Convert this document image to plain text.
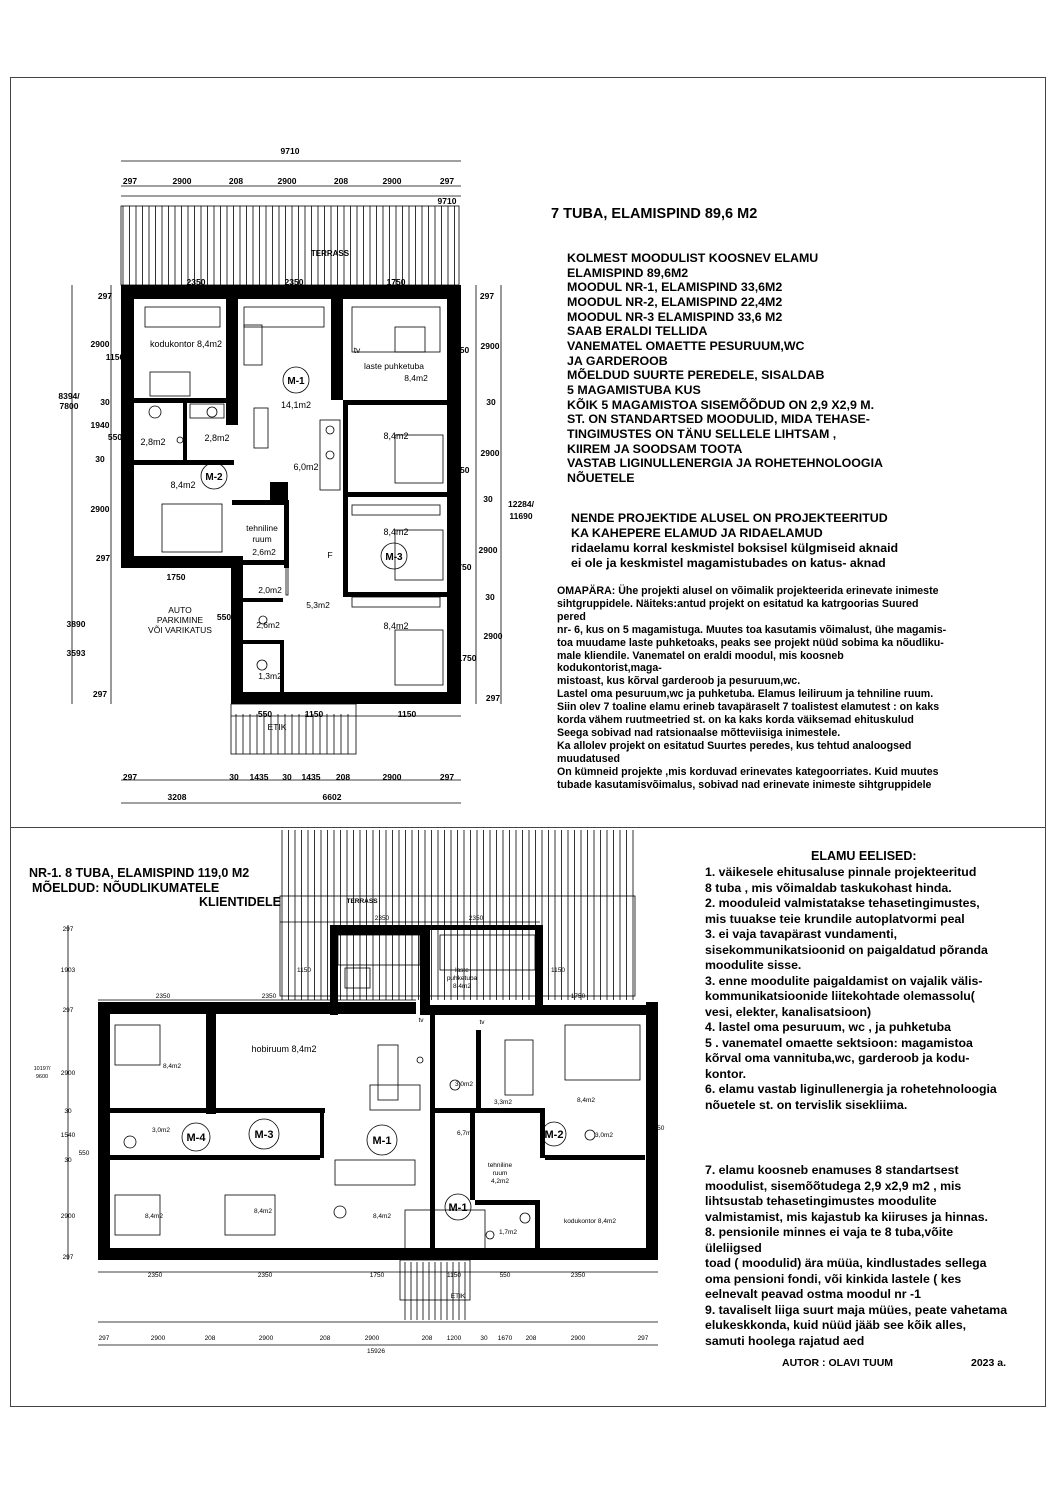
9710
9710
297	2900	208	2900	208	2900	297
2350	2350	1750
297
2900
1150
30
1940
550
30
2900
297
1750
3890
550
3593
297
8394/
7800
297
2900
1150
30
2900
1750
30
2900
1750
30
2900
1750
297
12284/
11690
550	1150	1150
297	30 1435 30 1435 208	2900	297
3208	6602
TERRASS
kodukontor 8,4m2
14,1m2
tv
tv
laste puhketuba
8,4m2
2,8m2	2,8m2
8,4m2
6,0m2
8,4m2
8,4m2
8,4m2
tehniline
ruum
2,6m2	F
2,0m2
2,6m2
1,3m2
5,3m2
AUTO
PARKIMINE
VÕI VARIKATUS
ETIK
M-1
M-2
M-3
TERRASS
laste
puhketuba
8,4m2
hobiruum 8,4m2
8,4m2
3,0m2
3,0m2
3,3m2
6,7m2
8,4m2
3,0m2
8,4m2
8,4m2
8,4m2
tehniline
ruum
4,2m2
1,7m2
kodukontor 8,4m2
ETIK
tv	tv
M-4	M-3	M-1	M-2
M-1
2350	2350
2350	2350	1750
297
1903
297
2900
30
1540
30
2900
297
10197/
9600
1150	1150
550
550
2350	2350	1750	1150	550	2350
297	2900	208	2900	208	2900	208 1200	30 1670 208	2900	297
15926
7 TUBA, ELAMISPIND 89,6 M2
KOLMEST MOODULIST KOOSNEV ELAMU
ELAMISPIND 89,6M2
MOODUL NR-1, ELAMISPIND 33,6M2
MOODUL NR-2, ELAMISPIND 22,4M2
MOODUL NR-3 ELAMISPIND 33,6 M2
SAAB ERALDI TELLIDA
VANEMATEL OMAETTE PESURUUM,WC
JA GARDEROOB
MÕELDUD SUURTE PEREDELE, SISALDAB
5 MAGAMISTUBA KUS
KÕIK 5 MAGAMISTOA SISEMÕÕDUD ON 2,9 X2,9 M.
ST. ON STANDARTSED MOODULID, MIDA TEHASE-
TINGIMUSTES ON TÄNU SELLELE LIHTSAM ,
KIIREM JA SOODSAM TOOTA
VASTAB LIGINULLENERGIA JA ROHETEHNOLOOGIA
NÕUETELE
NENDE PROJEKTIDE ALUSEL ON PROJEKTEERITUD
KA KAHEPERE ELAMUD JA RIDAELAMUD
ridaelamu korral keskmistel boksisel külgmiseid aknaid
ei ole ja keskmistel magamistubades on katus- aknad
OMAPÄRA: Ühe projekti alusel on võimalik projekteerida erinevate inimeste
sihtgruppidele. Näiteks:antud projekt on esitatud ka katrgoorias Suured
pered
nr- 6, kus on 5 magamistuga. Muutes toa kasutamis võimalust, ühe magamis-
toa muudame laste puhketoaks, peaks see projekt nüüd sobima ka nõudliku-
male kliendile. Vanematel on eraldi moodul, mis koosneb
kodukontorist,maga-
mistoast, kus kõrval garderoob ja pesuruum,wc.
Lastel oma pesuruum,wc ja puhketuba. Elamus leiliruum ja tehniline ruum.
Siin olev 7 toaline elamu erineb tavapäraselt 7 toalistest elamutest : on kaks
korda vähem ruutmeetried st. on ka kaks korda väiksemad ehituskulud
Seega sobivad nad ratsionaalse mõtteviisiga inimestele.
Ka allolev projekt on esitatud Suurtes peredes, kus tehtud analoogsed
muudatused
On kümneid projekte ,mis korduvad erinevates kategoorriates. Kuid muutes
tubade kasutamisvõimalus, sobivad nad erinevate inimeste sihtgruppidele
NR-1. 8 TUBA, ELAMISPIND 119,0 M2
MÕELDUD: NÕUDLIKUMATELE
KLIENTIDELE
ELAMU EELISED:
1. väikesele ehitusaluse pinnale projekteeritud
8 tuba , mis võimaldab taskukohast hinda.
2. mooduleid valmistatakse tehasetingimustes,
mis tuuakse teie krundile autoplatvormi peal
3. ei vaja tavapärast vundamenti,
sisekommunikatsioonid on paigaldatud põranda
moodulite sisse.
3. enne moodulite paigaldamist on vajalik välis-
kommunikatsioonide liitekohtade olemassolu(
vesi, elekter, kanalisatsioon)
4. lastel oma pesuruum, wc , ja puhketuba
5 . vanematel omaette sektsioon: magamistoa
kõrval oma vannituba,wc, garderoob ja kodu-
kontor.
6. elamu vastab liginullenergia ja rohetehnoloogia
nõuetele st. on tervislik sisekliima.
7. elamu koosneb enamuses 8 standartsest
moodulist, sisemõõtudega 2,9 x2,9 m2 , mis
lihtsustab tehasetingimustes moodulite
valmistamist, mis kajastub ka kiiruses ja hinnas.
8. pensionile minnes ei vaja te 8 tuba,võite
üleliigsed
toad ( moodulid) ära müüa, kindlustades sellega
oma pensioni fondi, või kinkida lastele ( kes
eelnevalt peavad ostma moodul nr -1
9. tavaliselt liiga suurt maja müües, peate vahetama
elukeskkonda, kuid nüüd jääb see kõik alles,
samuti hoolega rajatud aed
AUTOR : OLAVI TUUM	2023 a.
